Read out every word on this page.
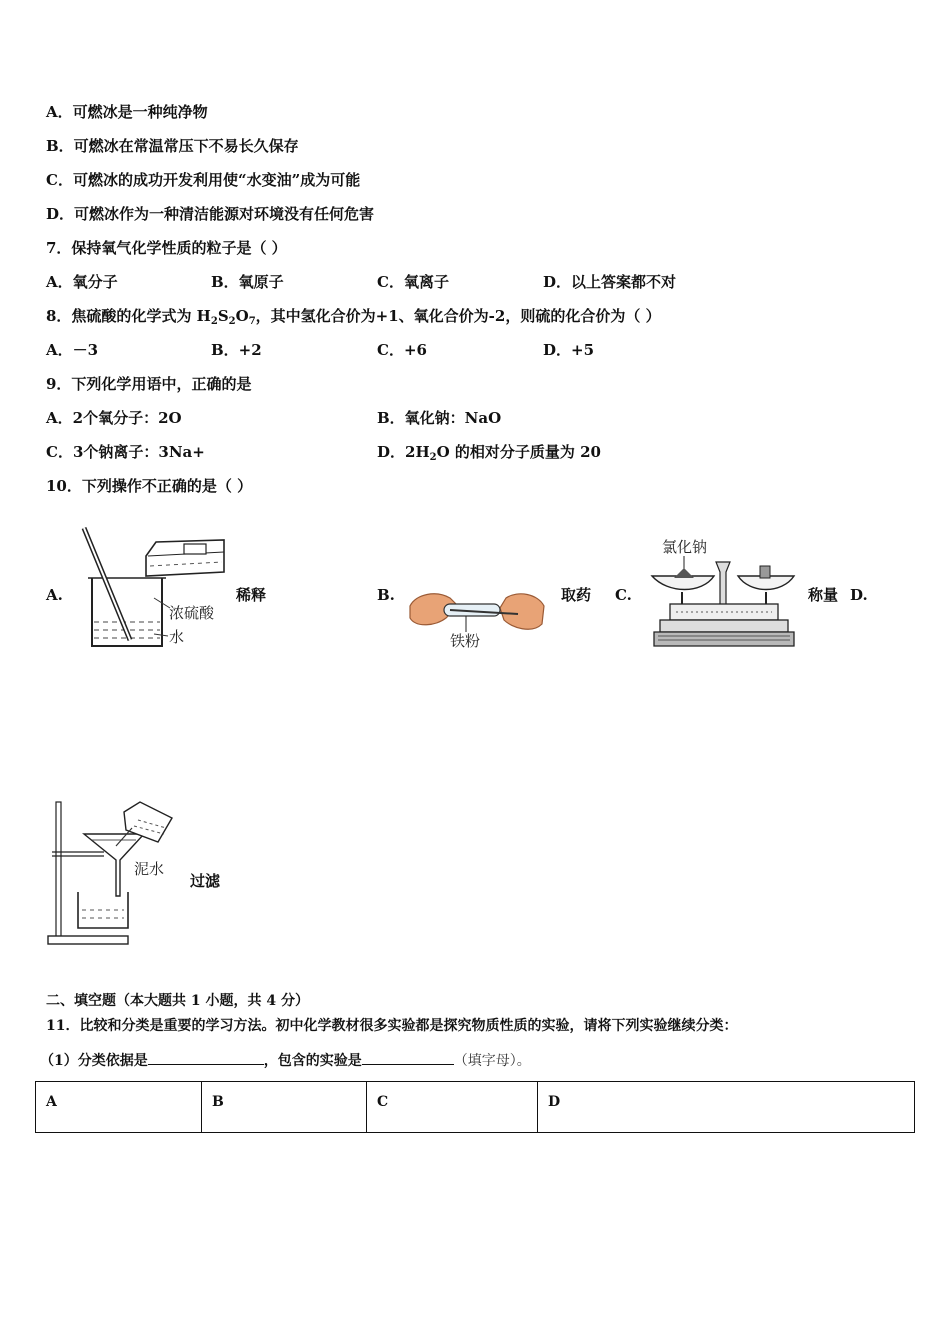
A．可燃冰是一种纯净物
B．可燃冰在常温常压下不易长久保存
C．可燃冰的成功开发利用使“水变油”成为可能
D．可燃冰作为一种清洁能源对环境没有任何危害
7．保持氧气化学性质的粒子是（ ）
A．氧分子	B．氧原子	C．氧离子	D．以上答案都不对
8．焦硫酸的化学式为 $H_2S_2O_7$，其中氢化合价为+1、氧化合价为-2，则硫的化合价为（ ）
A．－3	B．+2	C．+6	D．+5
9．下列化学用语中，正确的是
A．2个氧分子：2O	B．氧化钠：NaO
C．3个钠离子：3Na+	D．$2H_2O$ 的相对分子质量为 20
10．下列操作不正确的是（ ）
A.
浓硫酸
水
稀释	B.
铁粉
取药 C.
氯化钠
称量 D.
泥水
过滤
二、填空题（本大题共 1 小题，共 4 分）
11．比较和分类是重要的学习方法。初中化学教材很多实验都是探究物质性质的实验，请将下列实验继续分类：
（1）分类依据是	，包含的实验是	（填字母）。
A	B	C	D
